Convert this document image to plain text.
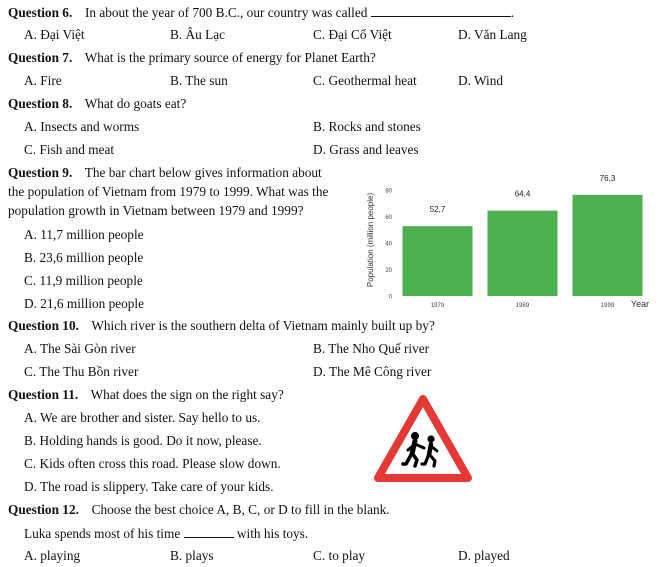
Question 6. In about the year of 700 B.C., our country was called	.
A. Đại Việt	B. Âu Lạc	C. Đại Cổ Việt	D. Văn Lang
Question 7. What is the primary source of energy for Planet Earth?
A. Fire	B. The sun	C. Geothermal heat	D. Wind
Question 8. What do goats eat?
A. Insects and worms	B. Rocks and stones
C. Fish and meat	D. Grass and leaves
Question 9. The bar chart below gives information about
the population of Vietnam from 1979 to 1999. What was the
population growth in Vietnam between 1979 and 1999?
A. 11,7 million people
B. 23,6 million people
C. 11,9 million people
D. 21,6 million people
Population (million people)
0
20
40
60
80
52,7
64,4
76,3
1979	1989	1999 Year
Question 10. Which river is the southern delta of Vietnam mainly built up by?
A. The Sài Gòn river	B. The Nho Quế river
C. The Thu Bồn river	D. The Mê Công river
Question 11. What does the sign on the right say?
A. We are brother and sister. Say hello to us.
B. Holding hands is good. Do it now, please.
C. Kids often cross this road. Please slow down.
D. The road is slippery. Take care of your kids.
Question 12. Choose the best choice A, B, C, or D to fill in the blank.
Luka spends most of his time	with his toys.
A. playing	B. plays	C. to play	D. played
